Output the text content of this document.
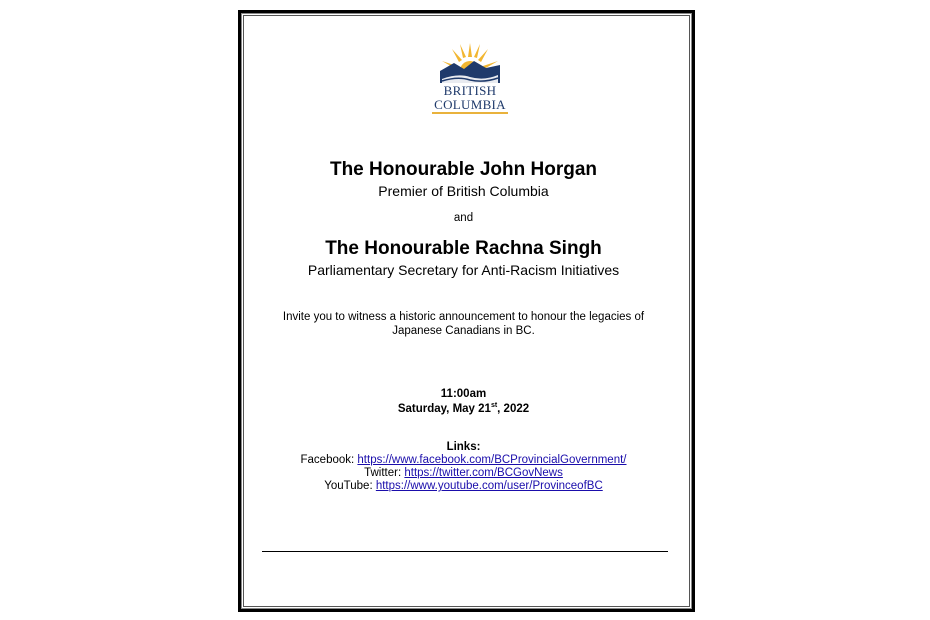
BRITISH
COLUMBIA
The Honourable John Horgan
Premier of British Columbia
and
The Honourable Rachna Singh
Parliamentary Secretary for Anti-Racism Initiatives
Invite you to witness a historic announcement to honour the legacies of
Japanese Canadians in BC.
11:00am
Saturday, May 21st, 2022
Links:
Facebook: https://www.facebook.com/BCProvincialGovernment/
Twitter: https://twitter.com/BCGovNews
YouTube: https://www.youtube.com/user/ProvinceofBC
